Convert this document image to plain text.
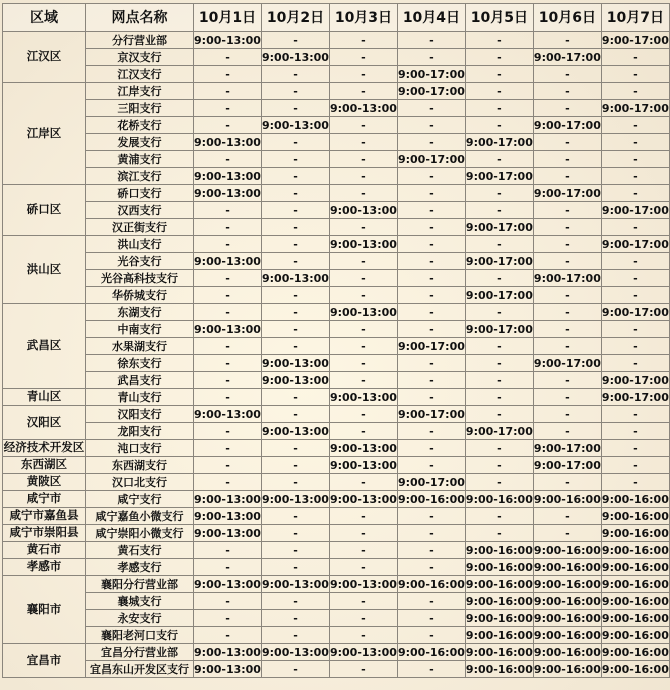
区域	网点名称	10月1日	10月2日	10月3日	10月4日	10月5日	10月6日	10月7日
江汉区	分行营业部	9:00-13:00	-	-	-	-	-	9:00-17:00
	京汉支行	-	9:00-13:00	-	-	-	9:00-17:00	-
	江汉支行	-	-	-	9:00-17:00	-	-	-
江岸区	江岸支行	-	-	-	9:00-17:00	-	-	-
	三阳支行	-	-	9:00-13:00	-	-	-	9:00-17:00
	花桥支行	-	9:00-13:00	-	-	-	9:00-17:00	-
	发展支行	9:00-13:00	-	-	-	9:00-17:00	-	-
	黄浦支行	-	-	-	9:00-17:00	-	-	-
	滨江支行	9:00-13:00	-	-	-	9:00-17:00	-	-
硚口区	硚口支行	9:00-13:00	-	-	-	-	9:00-17:00	-
	汉西支行	-	-	9:00-13:00	-	-	-	9:00-17:00
	汉正街支行	-	-	-	-	9:00-17:00	-	-
洪山区	洪山支行	-	-	9:00-13:00	-	-	-	9:00-17:00
	光谷支行	9:00-13:00	-	-	-	9:00-17:00	-	-
	光谷高科技支行	-	9:00-13:00	-	-	-	9:00-17:00	-
	华侨城支行	-	-	-	-	9:00-17:00	-	-
武昌区	东湖支行	-	-	9:00-13:00	-	-	-	9:00-17:00
	中南支行	9:00-13:00	-	-	-	9:00-17:00	-	-
	水果湖支行	-	-	-	9:00-17:00	-	-	-
	徐东支行	-	9:00-13:00	-	-	-	9:00-17:00	-
	武昌支行	-	9:00-13:00	-	-	-	-	9:00-17:00
青山区	青山支行	-	-	9:00-13:00	-	-	-	9:00-17:00
汉阳区	汉阳支行	9:00-13:00	-	-	9:00-17:00	-	-	-
	龙阳支行	-	9:00-13:00	-	-	9:00-17:00	-	-
经济技术开发区	沌口支行	-	-	9:00-13:00	-	-	9:00-17:00	-
东西湖区	东西湖支行	-	-	9:00-13:00	-	-	9:00-17:00	-
黄陂区	汉口北支行	-	-	-	9:00-17:00	-	-	-
咸宁市	咸宁支行	9:00-13:00	9:00-13:00	9:00-13:00	9:00-16:00	9:00-16:00	9:00-16:00	9:00-16:00
咸宁市嘉鱼县	咸宁嘉鱼小微支行	9:00-13:00	-	-	-	-	-	9:00-16:00
咸宁市崇阳县	咸宁崇阳小微支行	9:00-13:00	-	-	-	-	-	9:00-16:00
黄石市	黄石支行	-	-	-	-	9:00-16:00	9:00-16:00	9:00-16:00
孝感市	孝感支行	-	-	-	-	9:00-16:00	9:00-16:00	9:00-16:00
襄阳市	襄阳分行营业部	9:00-13:00	9:00-13:00	9:00-13:00	9:00-16:00	9:00-16:00	9:00-16:00	9:00-16:00
	襄城支行	-	-	-	-	9:00-16:00	9:00-16:00	9:00-16:00
	永安支行	-	-	-	-	9:00-16:00	9:00-16:00	9:00-16:00
	襄阳老河口支行	-	-	-	-	9:00-16:00	9:00-16:00	9:00-16:00
宜昌市	宜昌分行营业部	9:00-13:00	9:00-13:00	9:00-13:00	9:00-16:00	9:00-16:00	9:00-16:00	9:00-16:00
	宜昌东山开发区支行	9:00-13:00	-	-	-	9:00-16:00	9:00-16:00	9:00-16:00
